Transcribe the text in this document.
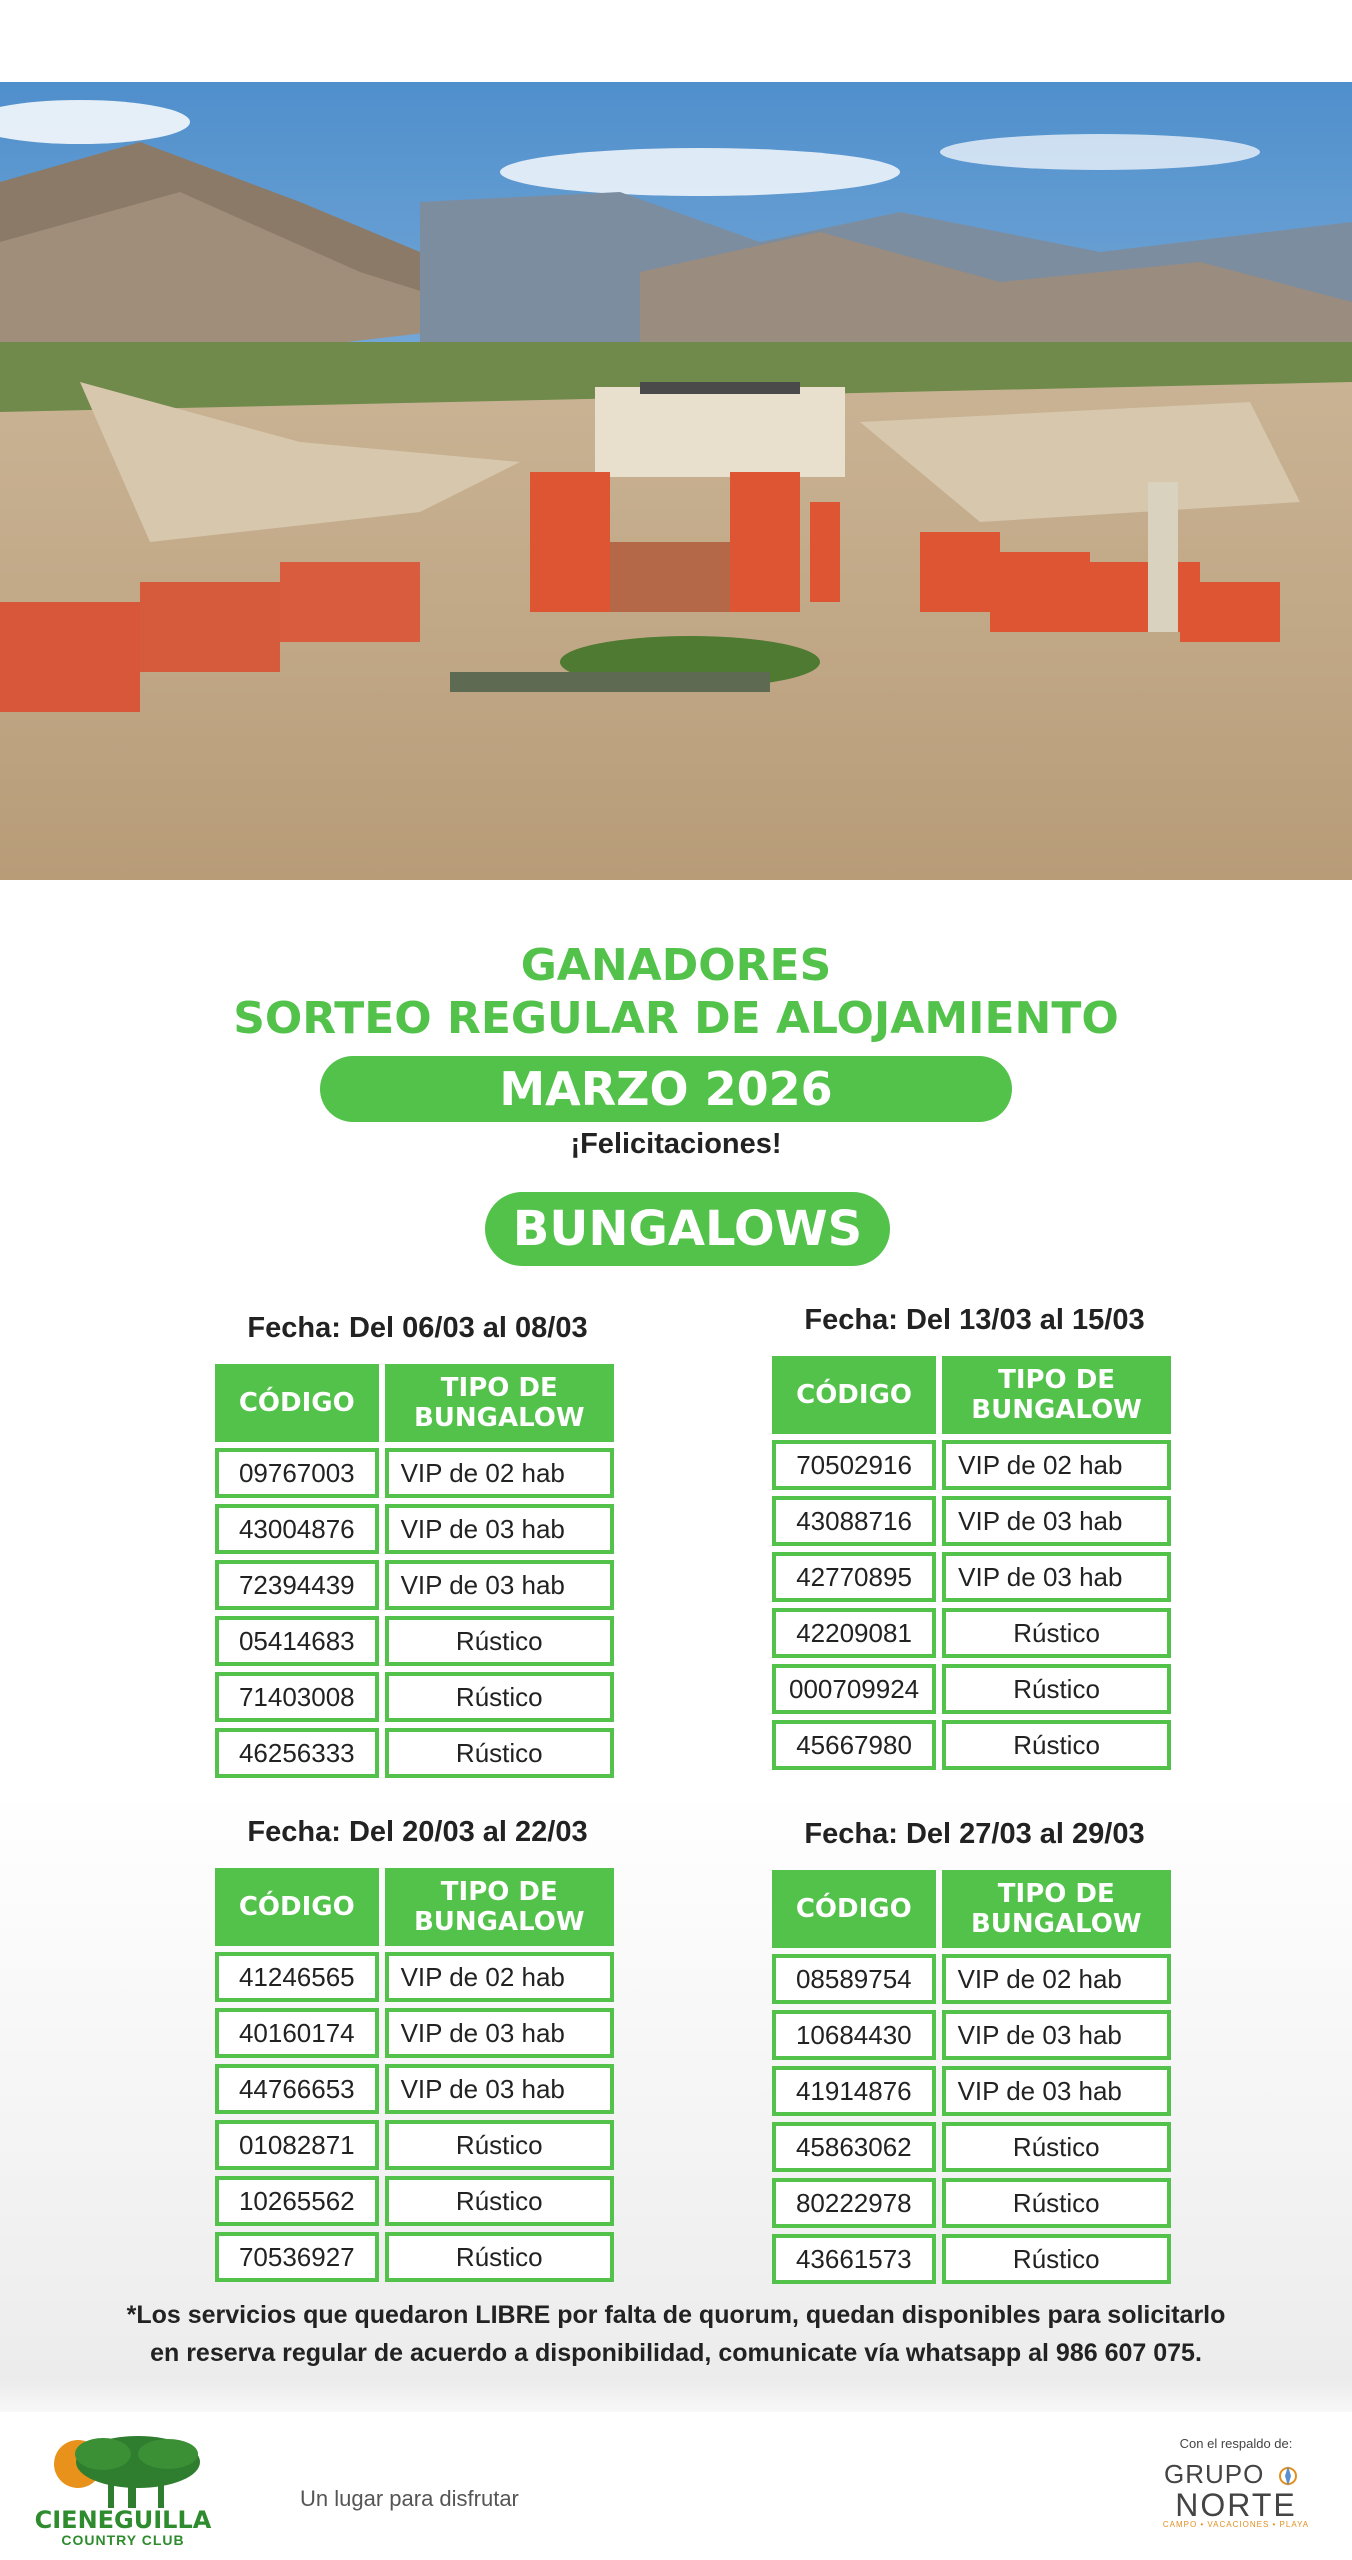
GANADORES
SORTEO REGULAR DE ALOJAMIENTO
MARZO 2026
¡Felicitaciones!
BUNGALOWS
Fecha: Del 06/03 al 08/03
CÓDIGO	TIPO DE BUNGALOW
09767003	VIP de 02 hab
43004876	VIP de 03 hab
72394439	VIP de 03 hab
05414683	Rústico
71403008	Rústico
46256333	Rústico
Fecha: Del 13/03 al 15/03
CÓDIGO	TIPO DE BUNGALOW
70502916	VIP de 02 hab
43088716	VIP de 03 hab
42770895	VIP de 03 hab
42209081	Rústico
000709924	Rústico
45667980	Rústico
Fecha: Del 20/03 al 22/03
CÓDIGO	TIPO DE BUNGALOW
41246565	VIP de 02 hab
40160174	VIP de 03 hab
44766653	VIP de 03 hab
01082871	Rústico
10265562	Rústico
70536927	Rústico
Fecha: Del 27/03 al 29/03
CÓDIGO	TIPO DE BUNGALOW
08589754	VIP de 02 hab
10684430	VIP de 03 hab
41914876	VIP de 03 hab
45863062	Rústico
80222978	Rústico
43661573	Rústico
*Los servicios que quedaron LIBRE por falta de quorum, quedan disponibles para solicitarlo
en reserva regular de acuerdo a disponibilidad, comunicate vía whatsapp al 986 607 075.
CIENEGUILLA
COUNTRY CLUB
Un lugar para disfrutar
Con el respaldo de:
GRUPO
NORTE
CAMPO • VACACIONES • PLAYA
